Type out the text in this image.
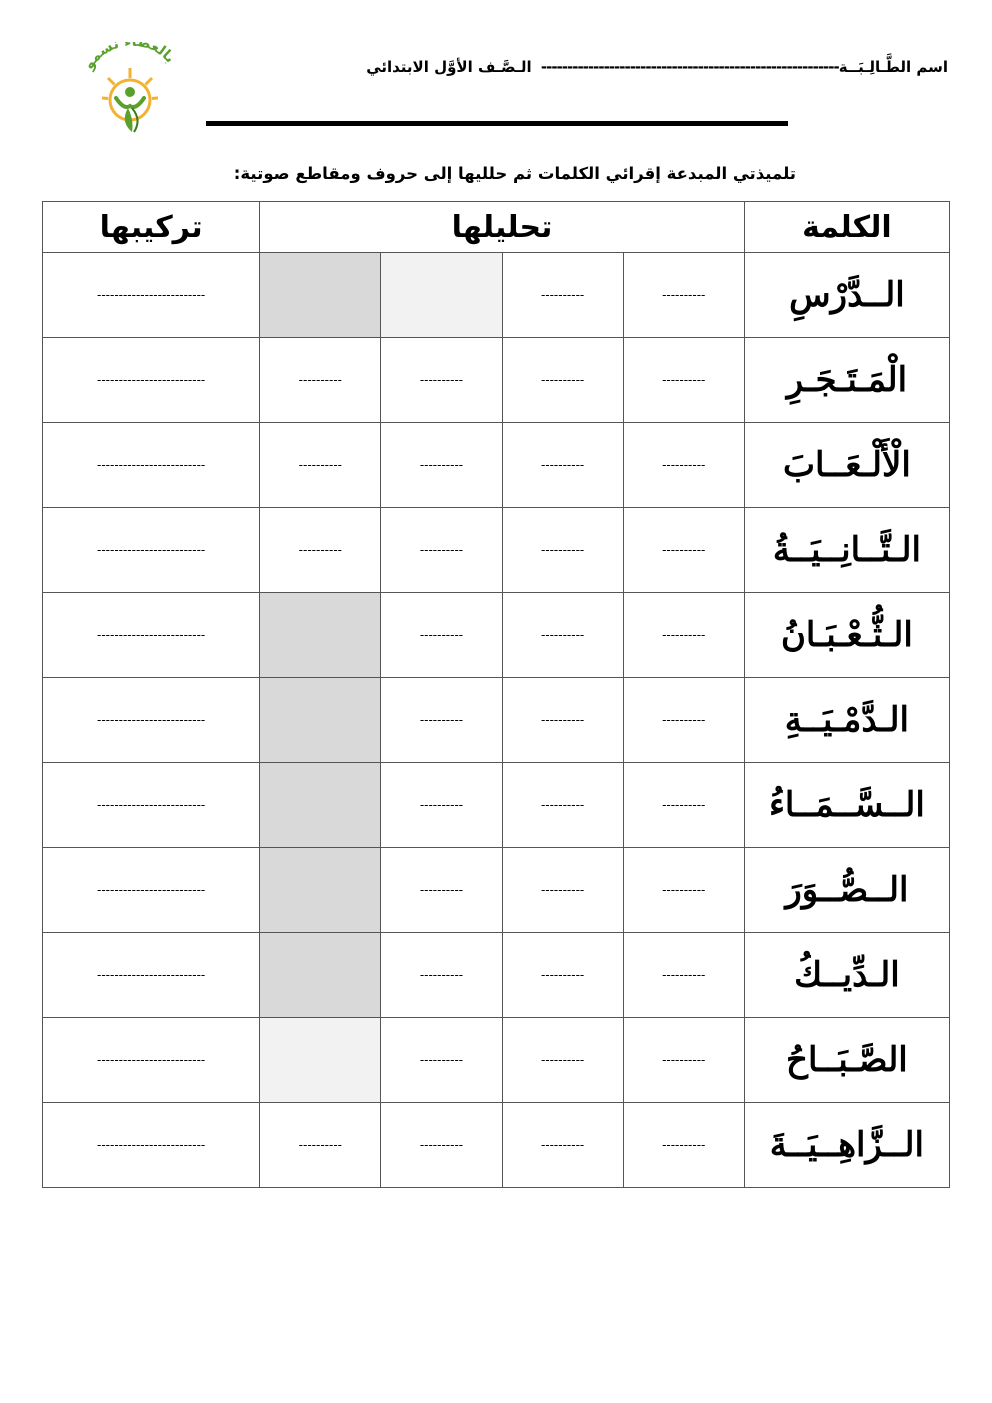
اسم الطَّـالِـبَــة--------------------------------------------------------- الـصَّـف الأوَّل الابتدائي
بالعط نسمو
تلميذتي المبدعة إقرائي الكلمات ثم حلليها إلى حروف ومقاطع صوتية:
الكلمة	تحليلها				تركيبها
الــدَّرْسِ	----------	----------			-------------------------
الْمَـتَـجَـرِ	----------	----------	----------	----------	-------------------------
الْأَلْـعَــابَ	----------	----------	----------	----------	-------------------------
الـتَّــانِــيَــةُ	----------	----------	----------	----------	-------------------------
الـثُّـعْـبَـانُ	----------	----------	----------		-------------------------
الـدَّمْـيَــةِ	----------	----------	----------		-------------------------
الــسَّــمَــاءُ	----------	----------	----------		-------------------------
الــصُّــوَرَ	----------	----------	----------		-------------------------
الـدِّيــكُ	----------	----------	----------		-------------------------
الصَّـبَــاحُ	----------	----------	----------		-------------------------
الــزَّاهِــيَــةَ	----------	----------	----------	----------	-------------------------
